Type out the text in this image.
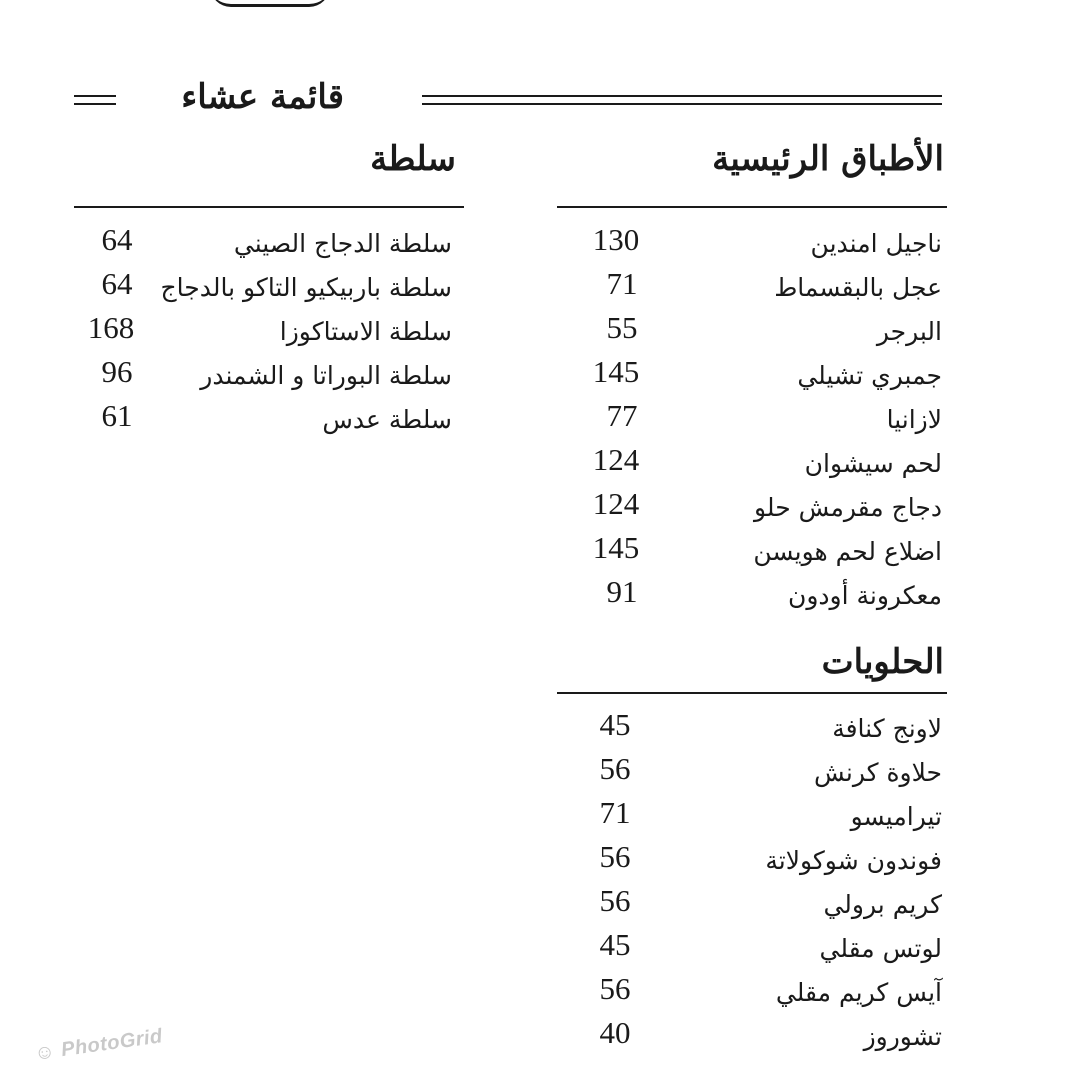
قائمة عشاء
الأطباق الرئيسية
سلطة
ناجيل امندين
130
عجل بالبقسماط
71
البرجر
55
جمبري تشيلي
145
لازانيا
77
لحم سيشوان
124
دجاج مقرمش حلو
124
اضلاع لحم هويسن
145
معكرونة أودون
91
سلطة الدجاج الصيني
64
سلطة باربيكيو التاكو بالدجاج
64
سلطة الاستاكوزا
168
سلطة البوراتا و الشمندر
96
سلطة عدس
61
الحلويات
لاونج كنافة
45
حلاوة كرنش
56
تيراميسو
71
فوندون شوكولاتة
56
كريم برولي
56
لوتس مقلي
45
آيس كريم مقلي
56
تشوروز
40
☺ PhotoGrid
